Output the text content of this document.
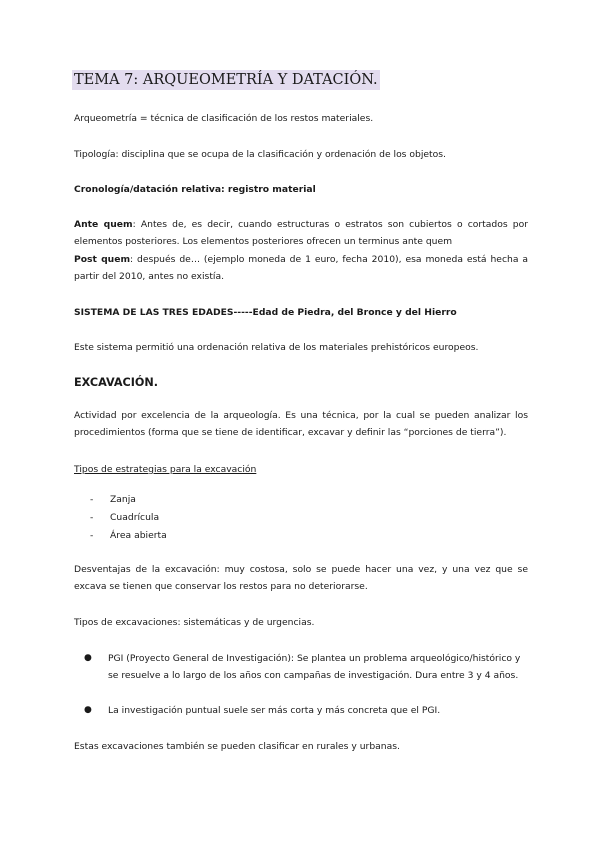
TEMA 7: ARQUEOMETRÍA Y DATACIÓN.

Arqueometría = técnica de clasificación de los restos materiales.

Tipología: disciplina que se ocupa de la clasificación y ordenación de los objetos.

Cronología/datación relativa: registro material

Ante quem: Antes de, es decir, cuando estructuras o estratos son cubiertos o cortados por elementos posteriores. Los elementos posteriores ofrecen un terminus ante quem

Post quem: después de… (ejemplo moneda de 1 euro, fecha 2010), esa moneda está hecha a partir del 2010, antes no existía.

SISTEMA DE LAS TRES EDADES-----Edad de Piedra, del Bronce y del Hierro

Este sistema permitió una ordenación relativa de los materiales prehistóricos europeos.

EXCAVACIÓN.

Actividad por excelencia de la arqueología. Es una técnica, por la cual se pueden analizar los procedimientos (forma que se tiene de identificar, excavar y definir las “porciones de tierra”).

Tipos de estrategias para la excavación

- Zanja
- Cuadrícula
- Área abierta

Desventajas de la excavación: muy costosa, solo se puede hacer una vez, y una vez que se excava se tienen que conservar los restos para no deteriorarse.

Tipos de excavaciones: sistemáticas y de urgencias.

● PGI (Proyecto General de Investigación): Se plantea un problema arqueológico/histórico y se resuelve a lo largo de los años con campañas de investigación. Dura entre 3 y 4 años.
● La investigación puntual suele ser más corta y más concreta que el PGI.

Estas excavaciones también se pueden clasificar en rurales y urbanas.
